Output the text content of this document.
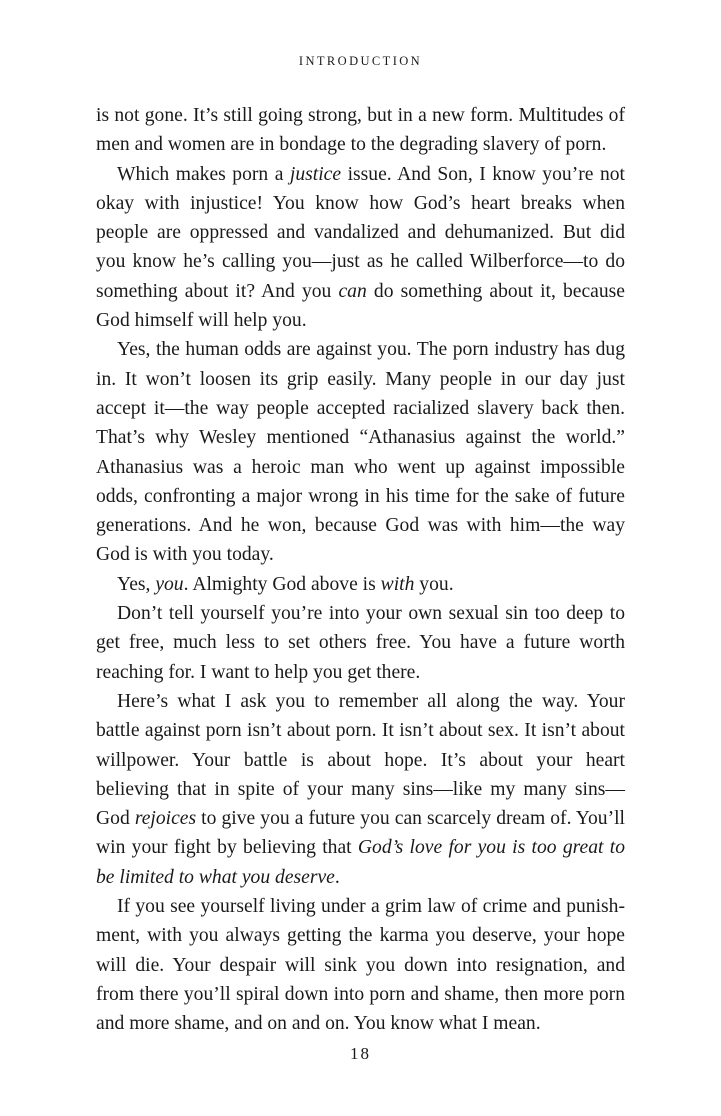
INTRODUCTION

is not gone. It’s still going strong, but in a new form. Multitudes of men and women are in bondage to the degrading slavery of porn.

Which makes porn a justice issue. And Son, I know you’re not okay with injustice! You know how God’s heart breaks when people are oppressed and vandalized and dehumanized. But did you know he’s calling you—just as he called Wilberforce—to do something about it? And you can do something about it, because God himself will help you.

Yes, the human odds are against you. The porn industry has dug in. It won’t loosen its grip easily. Many people in our day just accept it—the way people accepted racialized slavery back then. That’s why Wesley mentioned “Athanasius against the world.” Athanasius was a heroic man who went up against impossible odds, confronting a major wrong in his time for the sake of future generations. And he won, because God was with him—the way God is with you today.

Yes, you. Almighty God above is with you.

Don’t tell yourself you’re into your own sexual sin too deep to get free, much less to set others free. You have a future worth reaching for. I want to help you get there.

Here’s what I ask you to remember all along the way. Your battle against porn isn’t about porn. It isn’t about sex. It isn’t about willpower. Your battle is about hope. It’s about your heart believing that in spite of your many sins—like my many sins—God rejoices to give you a future you can scarcely dream of. You’ll win your fight by believing that God’s love for you is too great to be limited to what you deserve.

If you see yourself living under a grim law of crime and punishment, with you always getting the karma you deserve, your hope will die. Your despair will sink you down into resignation, and from there you’ll spiral down into porn and shame, then more porn and more shame, and on and on. You know what I mean.

18
